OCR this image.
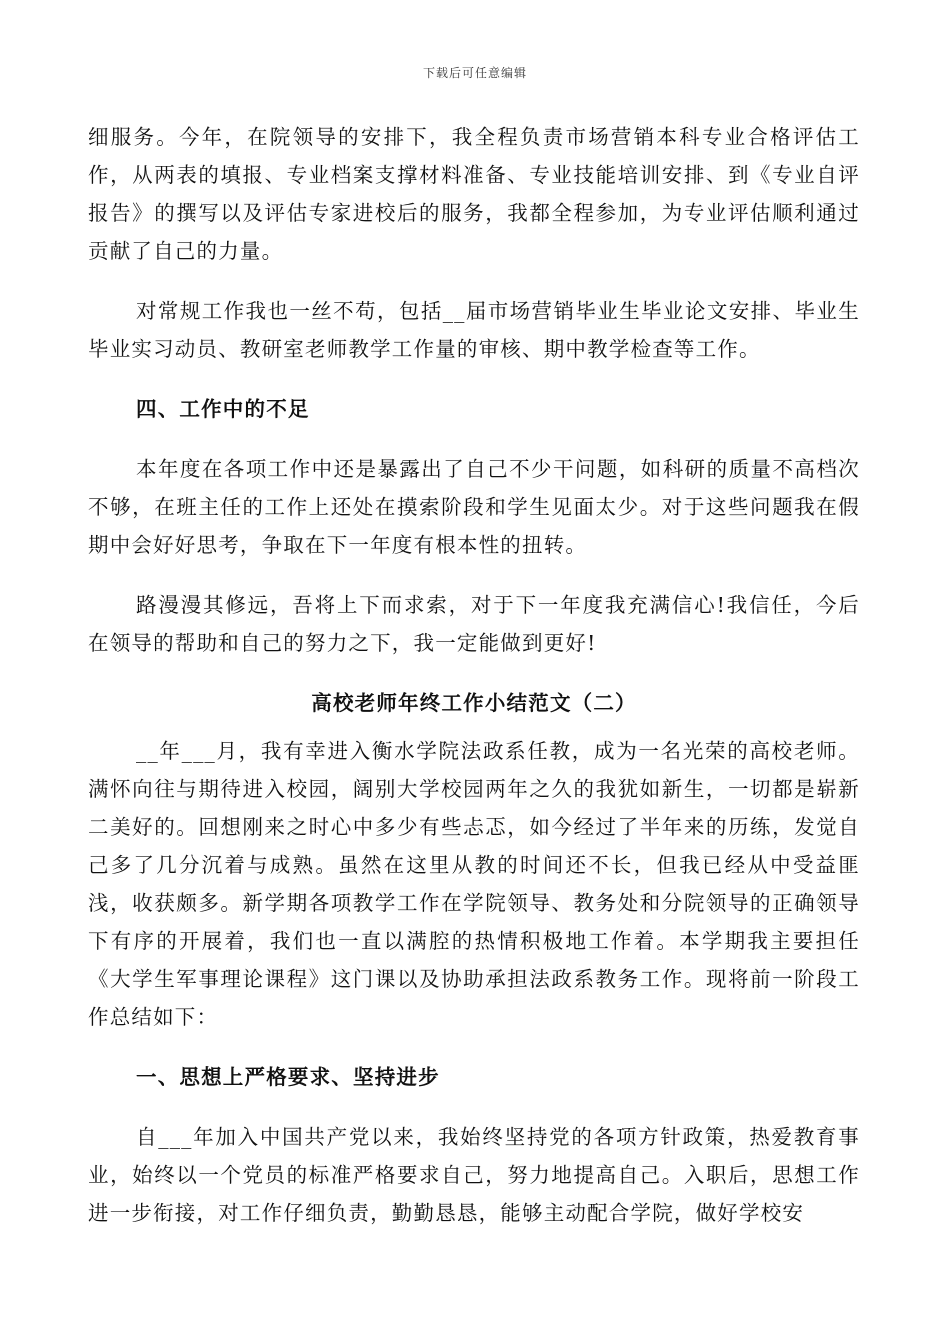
下载后可任意编辑

细服务。今年，在院领导的安排下，我全程负责市场营销本科专业合格评估工作，从两表的填报、专业档案支撑材料准备、专业技能培训安排、到《专业自评报告》的撰写以及评估专家进校后的服务，我都全程参加，为专业评估顺利通过贡献了自己的力量。

对常规工作我也一丝不苟，包括__届市场营销毕业生毕业论文安排、毕业生毕业实习动员、教研室老师教学工作量的审核、期中教学检查等工作。

四、工作中的不足

本年度在各项工作中还是暴露出了自己不少干问题，如科研的质量不高档次不够，在班主任的工作上还处在摸索阶段和学生见面太少。对于这些问题我在假期中会好好思考，争取在下一年度有根本性的扭转。

路漫漫其修远，吾将上下而求索，对于下一年度我充满信心!我信任，今后在领导的帮助和自己的努力之下，我一定能做到更好!

高校老师年终工作小结范文（二）

__年___月，我有幸进入衡水学院法政系任教，成为一名光荣的高校老师。满怀向往与期待进入校园，阔别大学校园两年之久的我犹如新生，一切都是崭新二美好的。回想刚来之时心中多少有些忐忑，如今经过了半年来的历练，发觉自己多了几分沉着与成熟。虽然在这里从教的时间还不长，但我已经从中受益匪浅，收获颇多。新学期各项教学工作在学院领导、教务处和分院领导的正确领导下有序的开展着，我们也一直以满腔的热情积极地工作着。本学期我主要担任《大学生军事理论课程》这门课以及协助承担法政系教务工作。现将前一阶段工作总结如下：

一、思想上严格要求、坚持进步

自___年加入中国共产党以来，我始终坚持党的各项方针政策，热爱教育事业，始终以一个党员的标准严格要求自己，努力地提高自己。入职后，思想工作进一步衔接，对工作仔细负责，勤勤恳恳，能够主动配合学院，做好学校安
